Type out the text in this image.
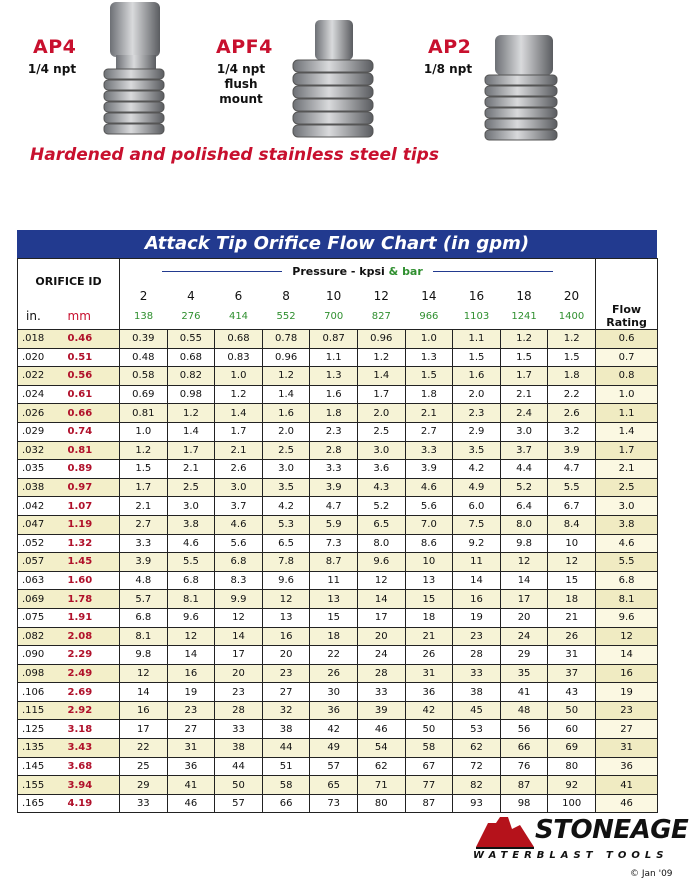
AP4
1/4 npt
APF4
1/4 npt
flush
mount
AP2
1/8 npt
Hardened and polished stainless steel tips
Attack Tip Orifice Flow Chart (in gpm)
ORIFICE ID		Pressure - kpsi & bar										
		2	4	6	8	10	12	14	16	18	20	
in.	mm	138	276	414	552	700	827	966	1103	1241	1400	Flow
Rating

.018	0.46	0.39	0.55	0.68	0.78	0.87	0.96	1.0	1.1	1.2	1.2	0.6
.020	0.51	0.48	0.68	0.83	0.96	1.1	1.2	1.3	1.5	1.5	1.5	0.7
.022	0.56	0.58	0.82	1.0	1.2	1.3	1.4	1.5	1.6	1.7	1.8	0.8
.024	0.61	0.69	0.98	1.2	1.4	1.6	1.7	1.8	2.0	2.1	2.2	1.0
.026	0.66	0.81	1.2	1.4	1.6	1.8	2.0	2.1	2.3	2.4	2.6	1.1
.029	0.74	1.0	1.4	1.7	2.0	2.3	2.5	2.7	2.9	3.0	3.2	1.4
.032	0.81	1.2	1.7	2.1	2.5	2.8	3.0	3.3	3.5	3.7	3.9	1.7
.035	0.89	1.5	2.1	2.6	3.0	3.3	3.6	3.9	4.2	4.4	4.7	2.1
.038	0.97	1.7	2.5	3.0	3.5	3.9	4.3	4.6	4.9	5.2	5.5	2.5
.042	1.07	2.1	3.0	3.7	4.2	4.7	5.2	5.6	6.0	6.4	6.7	3.0
.047	1.19	2.7	3.8	4.6	5.3	5.9	6.5	7.0	7.5	8.0	8.4	3.8
.052	1.32	3.3	4.6	5.6	6.5	7.3	8.0	8.6	9.2	9.8	10	4.6
.057	1.45	3.9	5.5	6.8	7.8	8.7	9.6	10	11	12	12	5.5
.063	1.60	4.8	6.8	8.3	9.6	11	12	13	14	14	15	6.8
.069	1.78	5.7	8.1	9.9	12	13	14	15	16	17	18	8.1
.075	1.91	6.8	9.6	12	13	15	17	18	19	20	21	9.6
.082	2.08	8.1	12	14	16	18	20	21	23	24	26	12
.090	2.29	9.8	14	17	20	22	24	26	28	29	31	14
.098	2.49	12	16	20	23	26	28	31	33	35	37	16
.106	2.69	14	19	23	27	30	33	36	38	41	43	19
.115	2.92	16	23	28	32	36	39	42	45	48	50	23
.125	3.18	17	27	33	38	42	46	50	53	56	60	27
.135	3.43	22	31	38	44	49	54	58	62	66	69	31
.145	3.68	25	36	44	51	57	62	67	72	76	80	36
.155	3.94	29	41	50	58	65	71	77	82	87	92	41
.165	4.19	33	46	57	66	73	80	87	93	98	100	46
STONEAGE
WATERBLAST TOOLS
© Jan '09
